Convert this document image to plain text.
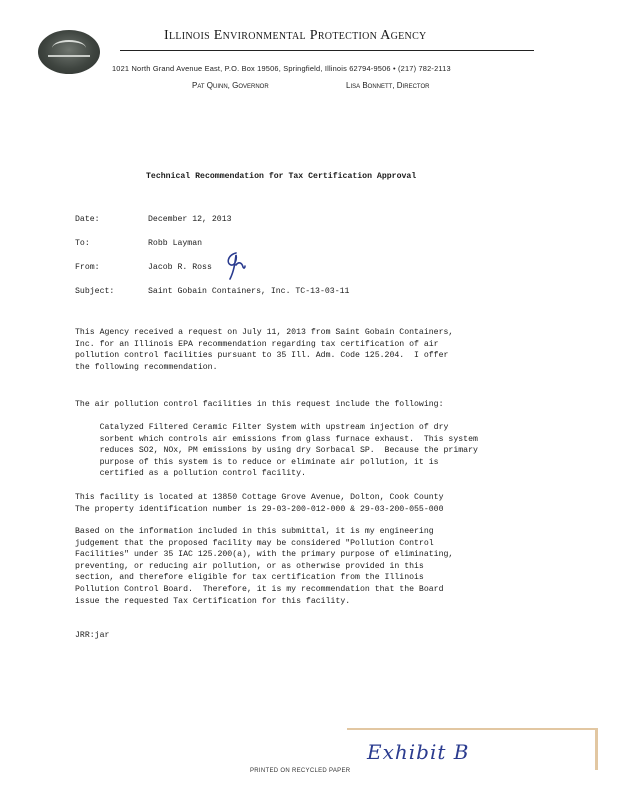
Illinois Environmental Protection Agency
1021 North Grand Avenue East, P.O. Box 19506, Springfield, Illinois 62794-9506 • (217) 782-2113
Pat Quinn, Governor	Lisa Bonnett, Director
Technical Recommendation for Tax Certification Approval
Date:	December 12, 2013
To:	Robb Layman
From:	Jacob R. Ross
Subject:	Saint Gobain Containers, Inc. TC-13-03-11
This Agency received a request on July 11, 2013 from Saint Gobain Containers,
Inc. for an Illinois EPA recommendation regarding tax certification of air
pollution control facilities pursuant to 35 Ill. Adm. Code 125.204.  I offer
the following recommendation.
The air pollution control facilities in this request include the following:
Catalyzed Filtered Ceramic Filter System with upstream injection of dry
sorbent which controls air emissions from glass furnace exhaust.  This system
reduces SO2, NOx, PM emissions by using dry Sorbacal SP.  Because the primary
purpose of this system is to reduce or eliminate air pollution, it is
certified as a pollution control facility.
This facility is located at 13850 Cottage Grove Avenue, Dolton, Cook County
The property identification number is 29-03-200-012-000 & 29-03-200-055-000
Based on the information included in this submittal, it is my engineering
judgement that the proposed facility may be considered "Pollution Control
Facilities" under 35 IAC 125.200(a), with the primary purpose of eliminating,
preventing, or reducing air pollution, or as otherwise provided in this
section, and therefore eligible for tax certification from the Illinois
Pollution Control Board.  Therefore, it is my recommendation that the Board
issue the requested Tax Certification for this facility.
JRR:jar
Exhibit B
PRINTED ON RECYCLED PAPER
